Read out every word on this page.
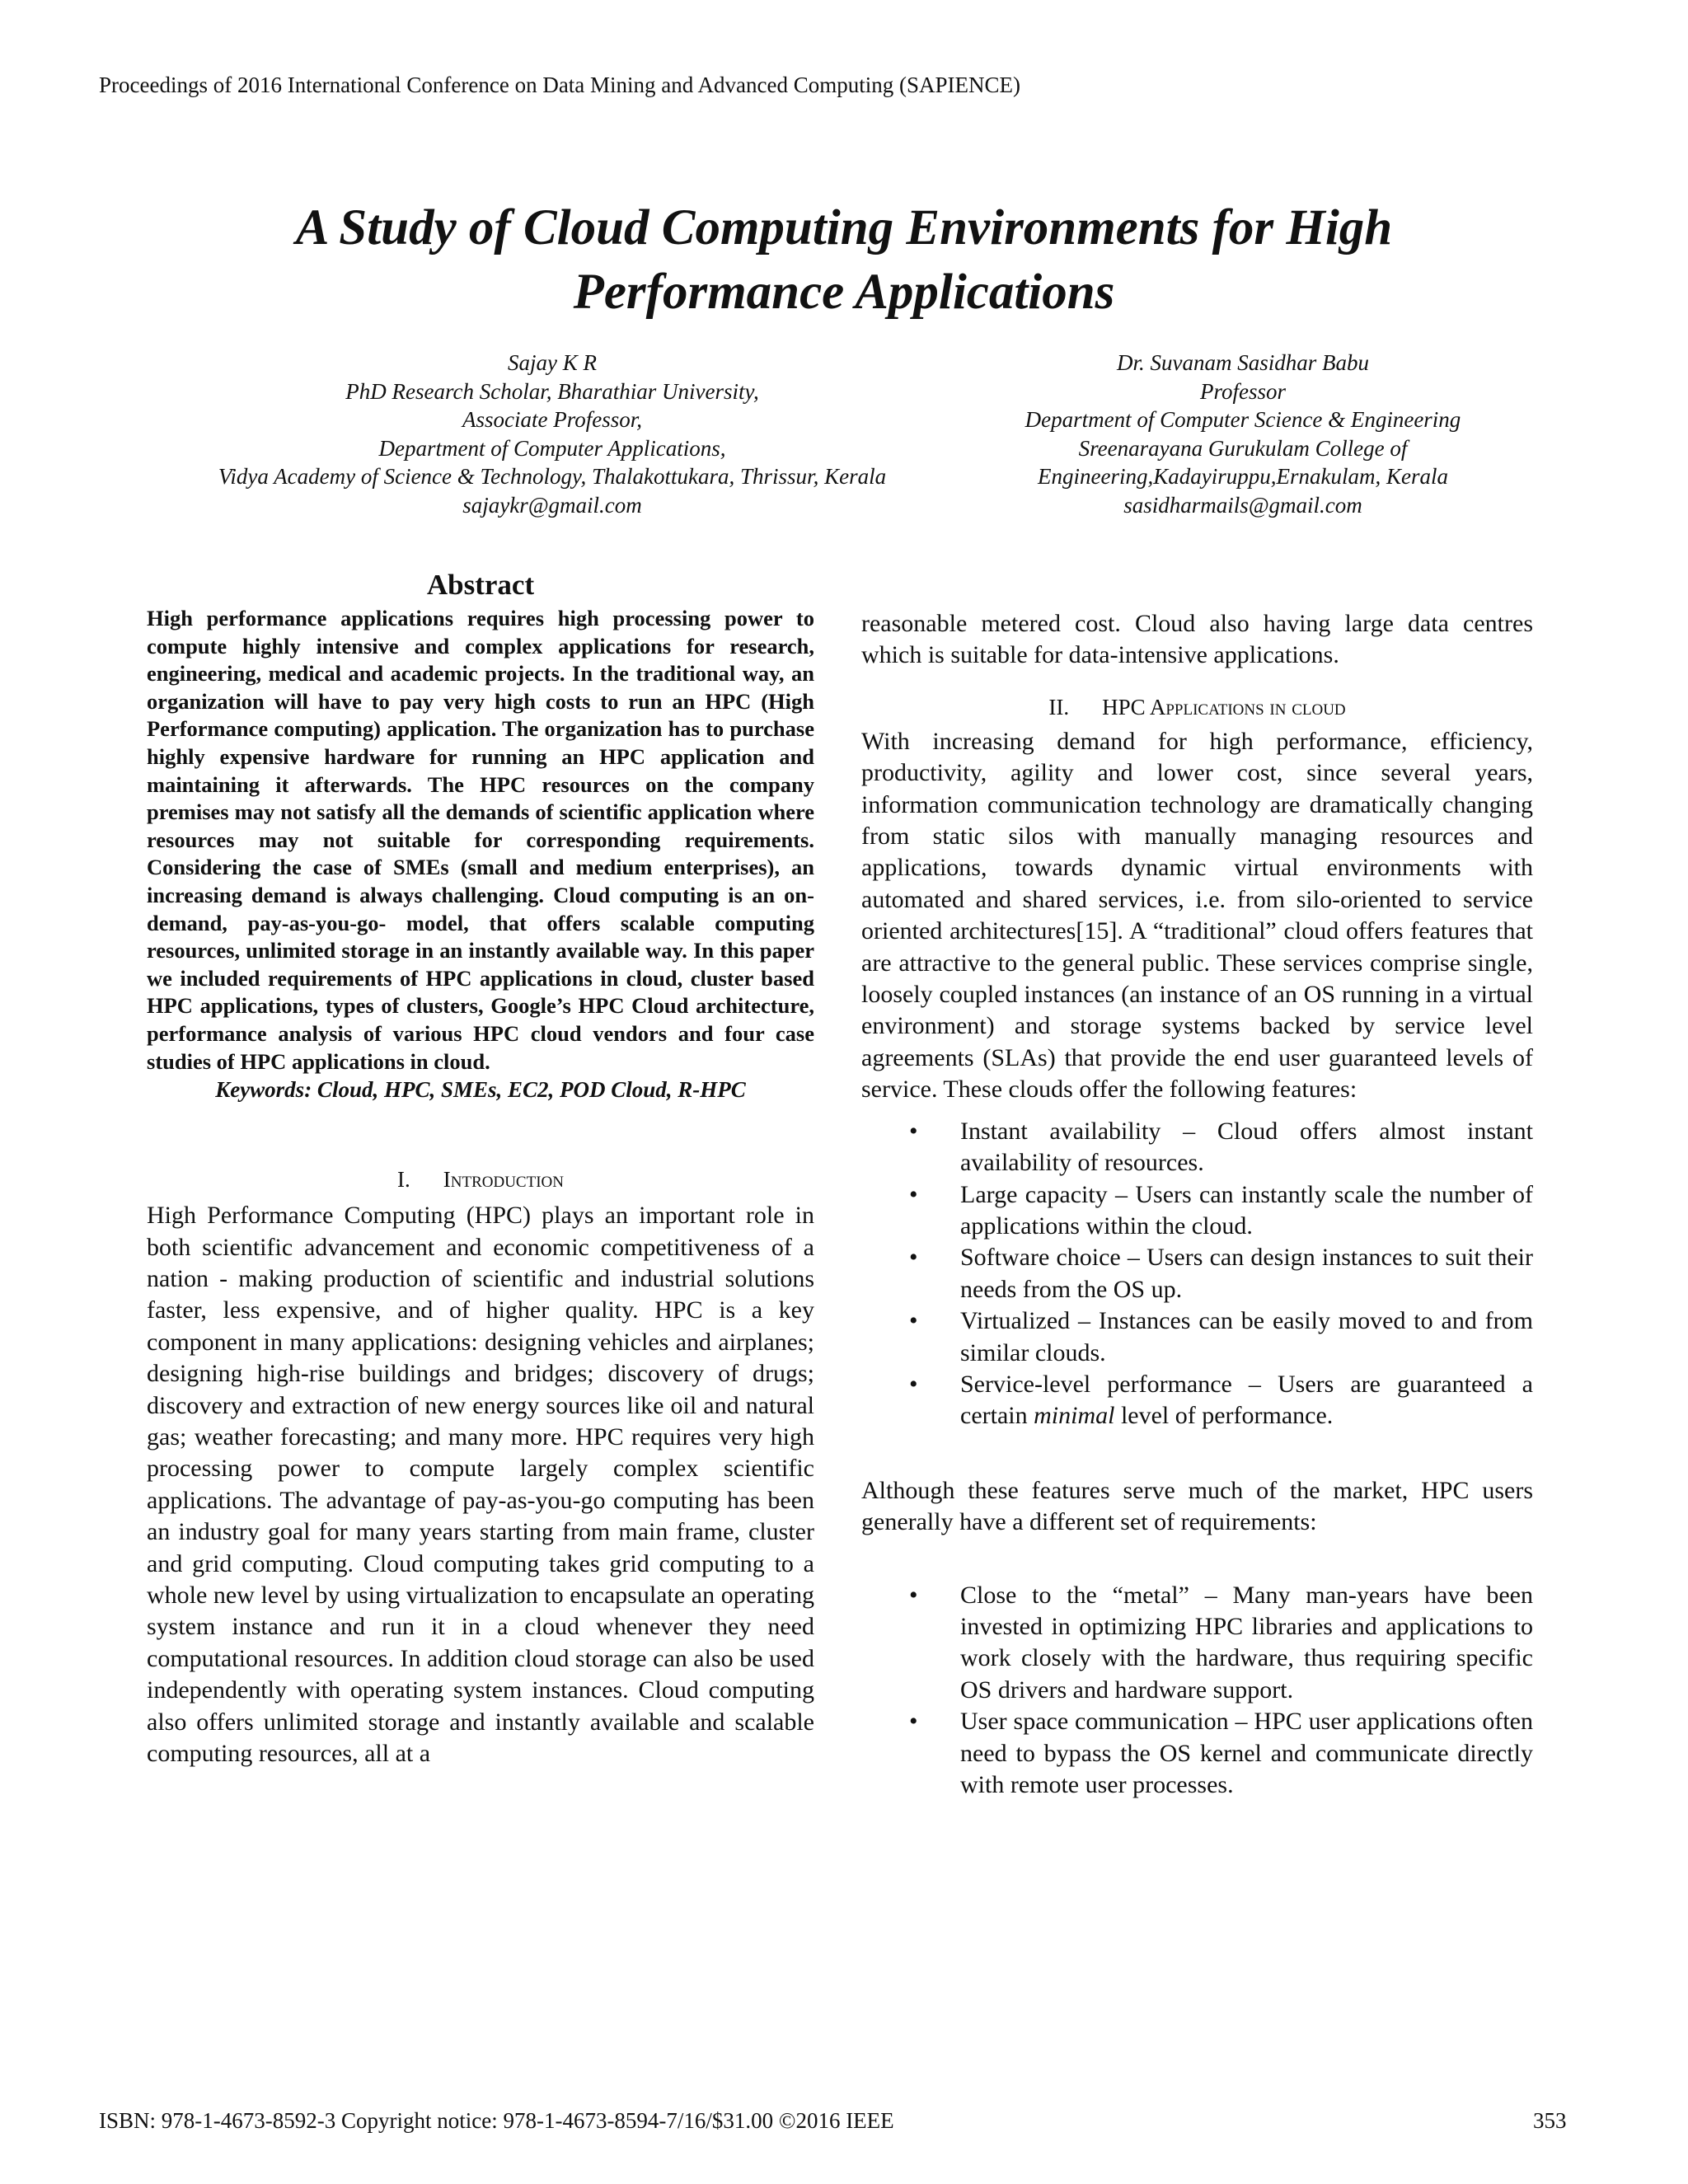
Proceedings of 2016 International Conference on Data Mining and Advanced Computing (SAPIENCE)
A Study of Cloud Computing Environments for High
Performance Applications
Sajay K R
PhD Research Scholar, Bharathiar University,
Associate Professor,
Department of Computer Applications,
Vidya Academy of Science & Technology, Thalakottukara, Thrissur, Kerala
sajaykr@gmail.com
Dr. Suvanam Sasidhar Babu
Professor
Department of Computer Science & Engineering
Sreenarayana Gurukulam College of
Engineering,Kadayiruppu,Ernakulam, Kerala
sasidharmails@gmail.com
Abstract

High performance applications requires high processing power to compute highly intensive and complex applications for research, engineering, medical and academic projects. In the traditional way, an organization will have to pay very high costs to run an HPC (High Performance computing) application. The organization has to purchase highly expensive hardware for running an HPC application and maintaining it afterwards. The HPC resources on the company premises may not satisfy all the demands of scientific application where resources may not suitable for corresponding requirements. Considering the case of SMEs (small and medium enterprises), an increasing demand is always challenging. Cloud computing is an on-demand, pay-as-you-go- model, that offers scalable computing resources, unlimited storage in an instantly available way. In this paper we included requirements of HPC applications in cloud, cluster based HPC applications, types of clusters, Google’s HPC Cloud architecture, performance analysis of various HPC cloud vendors and four case studies of HPC applications in cloud.

Keywords: Cloud, HPC, SMEs, EC2, POD Cloud, R-HPC
I. Introduction

High Performance Computing (HPC) plays an important role in both scientific advancement and economic competitiveness of a nation - making production of scientific and industrial solutions faster, less expensive, and of higher quality. HPC is a key component in many applications: designing vehicles and airplanes; designing high-rise buildings and bridges; discovery of drugs; discovery and extraction of new energy sources like oil and natural gas; weather forecasting; and many more. HPC requires very high processing power to compute largely complex scientific applications. The advantage of pay-as-you-go computing has been an industry goal for many years starting from main frame, cluster and grid computing. Cloud computing takes grid computing to a whole new level by using virtualization to encapsulate an operating system instance and run it in a cloud whenever they need computational resources. In addition cloud storage can also be used independently with operating system instances. Cloud computing also offers unlimited storage and instantly available and scalable computing resources, all at a

reasonable metered cost. Cloud also having large data centres which is suitable for data-intensive applications.

II. HPC Applications in cloud

With increasing demand for high performance, efficiency, productivity, agility and lower cost, since several years, information communication technology are dramatically changing from static silos with manually managing resources and applications, towards dynamic virtual environments with automated and shared services, i.e. from silo-oriented to service oriented architectures[15]. A “traditional” cloud offers features that are attractive to the general public. These services comprise single, loosely coupled instances (an instance of an OS running in a virtual environment) and storage systems backed by service level agreements (SLAs) that provide the end user guaranteed levels of service. These clouds offer the following features:

• Instant availability – Cloud offers almost instant availability of resources.
• Large capacity – Users can instantly scale the number of applications within the cloud.
• Software choice – Users can design instances to suit their needs from the OS up.
• Virtualized – Instances can be easily moved to and from similar clouds.
• Service-level performance – Users are guaranteed a certain minimal level of performance.

Although these features serve much of the market, HPC users generally have a different set of requirements:

• Close to the “metal” – Many man-years have been invested in optimizing HPC libraries and applications to work closely with the hardware, thus requiring specific OS drivers and hardware support.
• User space communication – HPC user applications often need to bypass the OS kernel and communicate directly with remote user processes.
ISBN: 978-1-4673-8592-3 Copyright notice: 978-1-4673-8594-7/16/$31.00 ©2016 IEEE	353
